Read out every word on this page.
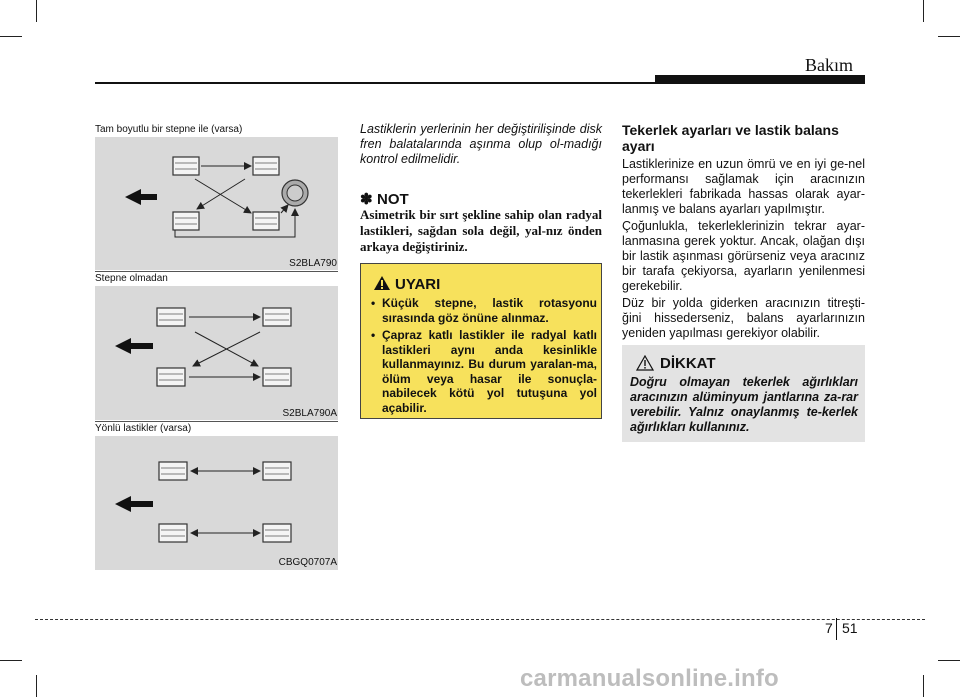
Bakım
Tam boyutlu bir stepne ile (varsa)
S2BLA790
Stepne olmadan
S2BLA790A
Yönlü lastikler (varsa)
CBGQ0707A
Lastiklerin yerlerinin her değiştirilişinde disk fren balatalarında aşınma olup ol-madığı kontrol edilmelidir.
✽ NOT
Asimetrik bir sırt şekline sahip olan radyal lastikleri, sağdan sola değil, yal-nız önden arkaya değiştiriniz.
UYARI
• Küçük stepne, lastik rotasyonu sırasında göz önüne alınmaz.
• Çapraz katlı lastikler ile radyal katlı lastikleri aynı anda kesinlikle kullanmayınız. Bu durum yaralan-ma, ölüm veya hasar ile sonuçla-nabilecek kötü yol tutuşuna yol açabilir.
Tekerlek ayarları ve lastik balans ayarı

Lastiklerinize en uzun ömrü ve en iyi ge-nel performansı sağlamak için aracınızın tekerlekleri fabrikada hassas olarak ayar-lanmış ve balans ayarları yapılmıştır.

Çoğunlukla, tekerleklerinizin tekrar ayar-lanmasına gerek yoktur. Ancak, olağan dışı bir lastik aşınması görürseniz veya aracınız bir tarafa çekiyorsa, ayarların yenilenmesi gerekebilir.

Düz bir yolda giderken aracınızın titreşti-ğini hissederseniz, balans ayarlarınızın yeniden yapılması gerekiyor olabilir.

DİKKAT
Doğru olmayan tekerlek ağırlıkları aracınızın alüminyum jantlarına za-rar verebilir. Yalnız onaylanmış te-kerlek ağırlıkları kullanınız.
7 51
carmanualsonline.info
